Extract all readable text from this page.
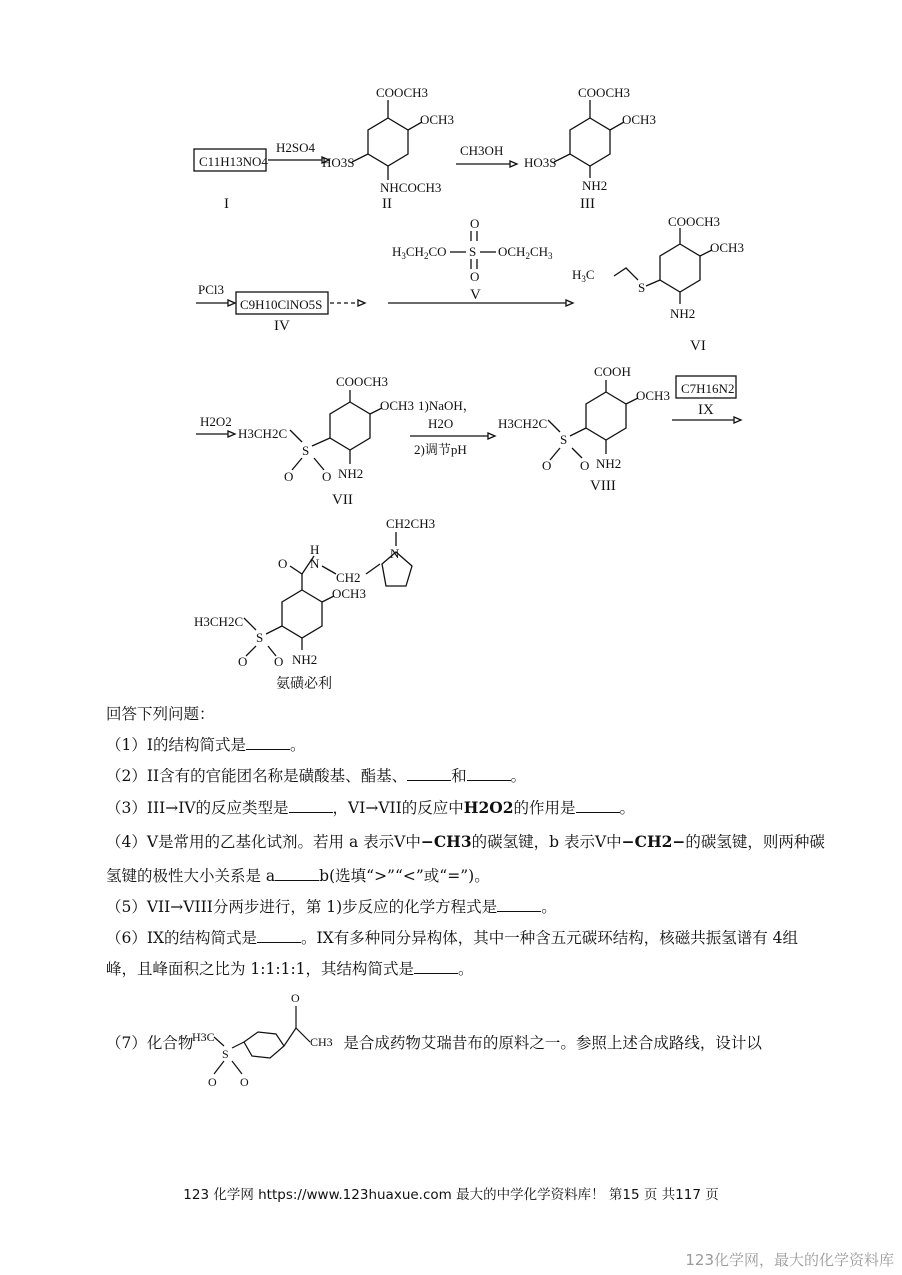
C11H13NO4
I
H2SO4
COOCH3
OCH3
HO3S
NHCOCH3
II
CH3OH
COOCH3
OCH3
HO3S
NH2
III
PCl3
C9H10ClNO5S
IV
$H_3CH_2CO$ S $OCH_2CH_3$
O
O
V
COOCH3
OCH3
S
$H_3C$
NH2
VI
H2O2
COOCH3
OCH3
S
H3CH2C
O O NH2
VII
1)NaOH，
H2O
2)调节pH
COOH
OCH3
S
H3CH2C
O O NH2
VIII
C7H16N2
IX
O
H
N
CH2
N
CH2CH3
OCH3
S
H3CH2C
O O NH2
氨磺必利
回答下列问题：
（1）I的结构简式是	。
（2）II含有的官能团名称是磺酸基、酯基、	和	。
（3）III→IV的反应类型是	，VI→VII的反应中H2O2的作用是	。
（4）V是常用的乙基化试剂。若用 a 表示V中−CH3的碳氢键，b 表示V中−CH2−的碳氢键，则两种碳
氢键的极性大小关系是 a	b(选填“>”“<”或“=”)。
（5）VII→VIII分两步进行，第 1)步反应的化学方程式是	。
（6）IX的结构简式是	。IX有多种同分异构体，其中一种含五元碳环结构，核磁共振氢谱有 4组
峰，且峰面积之比为 1:1:1:1，其结构简式是	。
（7）化合物	是合成药物艾瑞昔布的原料之一。参照上述合成路线，设计以
H3C
S
O O
O
CH3
123 化学网 https://www.123huaxue.com 最大的中学化学资料库！ 第15 页 共117 页
123化学网，最大的化学资料库
